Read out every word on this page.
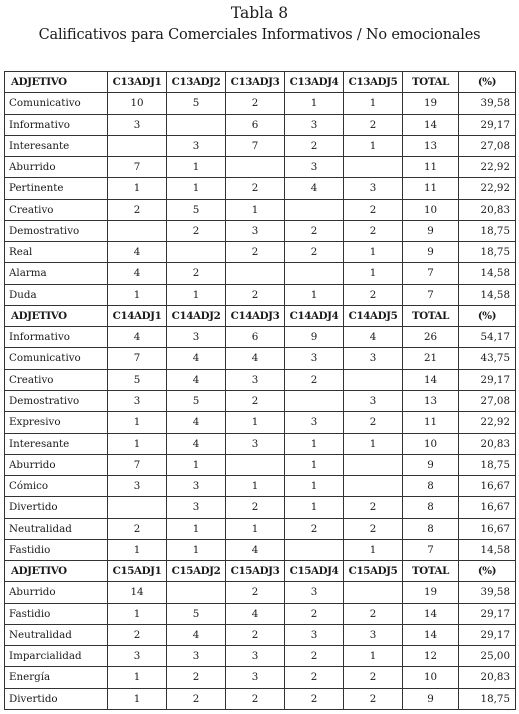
Tabla 8
Calificativos para Comerciales Informativos / No emocionales
ADJETIVO	C13ADJ1	C13ADJ2	C13ADJ3	C13ADJ4	C13ADJ5	TOTAL	(%)
Comunicativo	10	5	2	1	1	19	39,58
Informativo	3		6	3	2	14	29,17
Interesante		3	7	2	1	13	27,08
Aburrido	7	1		3		11	22,92
Pertinente	1	1	2	4	3	11	22,92
Creativo	2	5	1		2	10	20,83
Demostrativo		2	3	2	2	9	18,75
Real	4		2	2	1	9	18,75
Alarma	4	2			1	7	14,58
Duda	1	1	2	1	2	7	14,58
ADJETIVO	C14ADJ1	C14ADJ2	C14ADJ3	C14ADJ4	C14ADJ5	TOTAL	(%)
Informativo	4	3	6	9	4	26	54,17
Comunicativo	7	4	4	3	3	21	43,75
Creativo	5	4	3	2		14	29,17
Demostrativo	3	5	2		3	13	27,08
Expresivo	1	4	1	3	2	11	22,92
Interesante	1	4	3	1	1	10	20,83
Aburrido	7	1		1		9	18,75
Cómico	3	3	1	1		8	16,67
Divertido		3	2	1	2	8	16,67
Neutralidad	2	1	1	2	2	8	16,67
Fastidio	1	1	4		1	7	14,58
ADJETIVO	C15ADJ1	C15ADJ2	C15ADJ3	C15ADJ4	C15ADJ5	TOTAL	(%)
Aburrido	14		2	3		19	39,58
Fastidio	1	5	4	2	2	14	29,17
Neutralidad	2	4	2	3	3	14	29,17
Imparcialidad	3	3	3	2	1	12	25,00
Energía	1	2	3	2	2	10	20,83
Divertido	1	2	2	2	2	9	18,75
·
